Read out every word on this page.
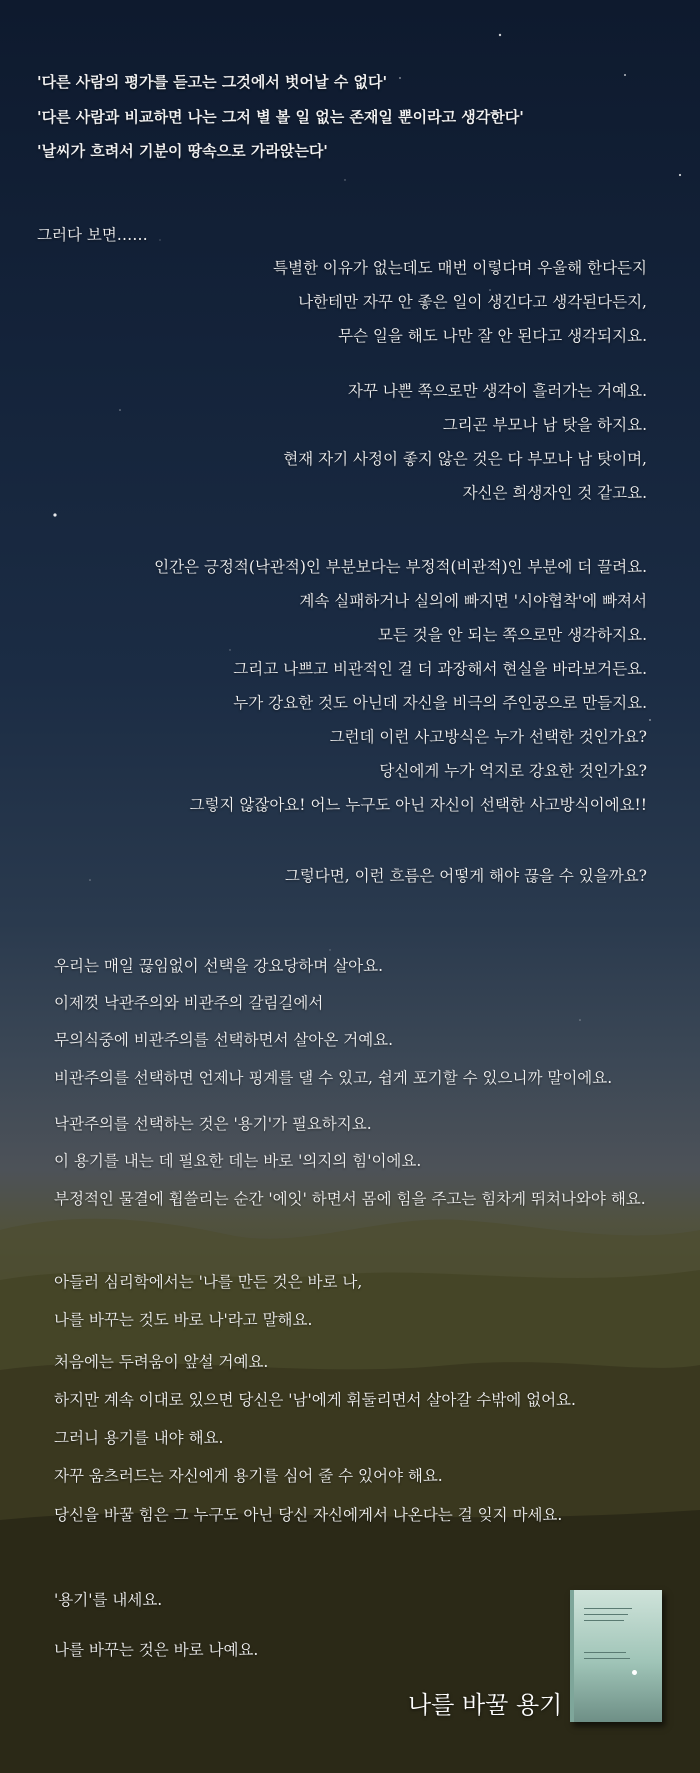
'다른 사람의 평가를 듣고는 그것에서 벗어날 수 없다'
'다른 사람과 비교하면 나는 그저 별 볼 일 없는 존재일 뿐이라고 생각한다'
'날씨가 흐려서 기분이 땅속으로 가라앉는다'
그러다 보면……
특별한 이유가 없는데도 매번 이렇다며 우울해 한다든지
나한테만 자꾸 안 좋은 일이 생긴다고 생각된다든지,
무슨 일을 해도 나만 잘 안 된다고 생각되지요.
자꾸 나쁜 쪽으로만 생각이 흘러가는 거예요.
그리곤 부모나 남 탓을 하지요.
현재 자기 사정이 좋지 않은 것은 다 부모나 남 탓이며,
자신은 희생자인 것 같고요.
인간은 긍정적(낙관적)인 부분보다는 부정적(비관적)인 부분에 더 끌려요.
계속 실패하거나 실의에 빠지면 '시야협착'에 빠져서
모든 것을 안 되는 쪽으로만 생각하지요.
그리고 나쁘고 비관적인 걸 더 과장해서 현실을 바라보거든요.
누가 강요한 것도 아닌데 자신을 비극의 주인공으로 만들지요.
그런데 이런 사고방식은 누가 선택한 것인가요?
당신에게 누가 억지로 강요한 것인가요?
그렇지 않잖아요! 어느 누구도 아닌 자신이 선택한 사고방식이에요!!
그렇다면, 이런 흐름은 어떻게 해야 끊을 수 있을까요?
우리는 매일 끊임없이 선택을 강요당하며 살아요.
이제껏 낙관주의와 비관주의 갈림길에서
무의식중에 비관주의를 선택하면서 살아온 거예요.
비관주의를 선택하면 언제나 핑계를 댈 수 있고, 쉽게 포기할 수 있으니까 말이에요.
낙관주의를 선택하는 것은 '용기'가 필요하지요.
이 용기를 내는 데 필요한 데는 바로 '의지의 힘'이에요.
부정적인 물결에 휩쓸리는 순간 '에잇' 하면서 몸에 힘을 주고는 힘차게 뛰쳐나와야 해요.
아들러 심리학에서는 '나를 만든 것은 바로 나,
나를 바꾸는 것도 바로 나'라고 말해요.
처음에는 두려움이 앞설 거예요.
하지만 계속 이대로 있으면 당신은 '남'에게 휘둘리면서 살아갈 수밖에 없어요.
그러니 용기를 내야 해요.
자꾸 움츠러드는 자신에게 용기를 심어 줄 수 있어야 해요.
당신을 바꿀 힘은 그 누구도 아닌 당신 자신에게서 나온다는 걸 잊지 마세요.
'용기'를 내세요.
나를 바꾸는 것은 바로 나예요.
나를 바꿀 용기
